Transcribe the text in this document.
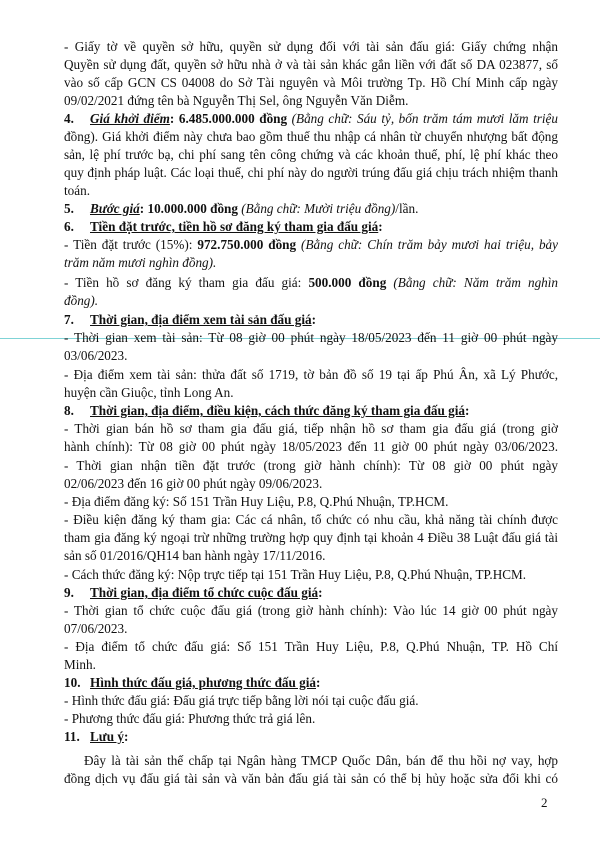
- Giấy tờ về quyền sở hữu, quyền sử dụng đối với tài sản đấu giá: Giấy chứng nhận
Quyền sử dụng đất, quyền sở hữu nhà ở và tài sản khác gắn liền với đất số DA 023877, số
vào số cấp GCN CS 04008 do Sở Tài nguyên và Môi trường Tp. Hồ Chí Minh cấp ngày
09/02/2021 đứng tên bà Nguyễn Thị Sel, ông Nguyễn Văn Diễm.
4. Giá khởi điểm: 6.485.000.000 đồng (Bằng chữ: Sáu tỷ, bốn trăm tám mươi lăm triệu
đồng). Giá khởi điểm này chưa bao gồm thuế thu nhập cá nhân từ chuyển nhượng bất động
sản, lệ phí trước bạ, chi phí sang tên công chứng và các khoản thuế, phí, lệ phí khác theo
quy định pháp luật. Các loại thuế, chi phí này do người trúng đấu giá chịu trách nhiệm thanh
toán.
5. Bước giá: 10.000.000 đồng (Bằng chữ: Mười triệu đồng)/lần.
6. Tiền đặt trước, tiền hồ sơ đăng ký tham gia đấu giá:
- Tiền đặt trước (15%): 972.750.000 đồng (Bằng chữ: Chín trăm bảy mươi hai triệu, bảy
trăm năm mươi nghìn đồng).
- Tiền hồ sơ đăng ký tham gia đấu giá: 500.000 đồng (Bằng chữ: Năm trăm nghìn
đồng).
7. Thời gian, địa điểm xem tài sản đấu giá:
- Thời gian xem tài sản: Từ 08 giờ 00 phút ngày 18/05/2023 đến 11 giờ 00 phút ngày
03/06/2023.
- Địa điểm xem tài sản: thửa đất số 1719, tờ bản đồ số 19 tại ấp Phú Ân, xã Lý Phước,
huyện cần Giuộc, tỉnh Long An.
8. Thời gian, địa điểm, điều kiện, cách thức đăng ký tham gia đấu giá:
- Thời gian bán hồ sơ tham gia đấu giá, tiếp nhận hồ sơ tham gia đấu giá (trong giờ
hành chính): Từ 08 giờ 00 phút ngày 18/05/2023 đến 11 giờ 00 phút ngày 03/06/2023.
- Thời gian nhận tiền đặt trước (trong giờ hành chính): Từ 08 giờ 00 phút ngày
02/06/2023 đến 16 giờ 00 phút ngày 09/06/2023.
- Địa điểm đăng ký: Số 151 Trần Huy Liệu, P.8, Q.Phú Nhuận, TP.HCM.
- Điều kiện đăng ký tham gia: Các cá nhân, tổ chức có nhu cầu, khả năng tài chính được
tham gia đăng ký ngoại trừ những trường hợp quy định tại khoản 4 Điều 38 Luật đấu giá tài
sản số 01/2016/QH14 ban hành ngày 17/11/2016.
- Cách thức đăng ký: Nộp trực tiếp tại 151 Trần Huy Liệu, P.8, Q.Phú Nhuận, TP.HCM.
9. Thời gian, địa điểm tổ chức cuộc đấu giá:
- Thời gian tổ chức cuộc đấu giá (trong giờ hành chính): Vào lúc 14 giờ 00 phút ngày
07/06/2023.
- Địa điểm tổ chức đấu giá: Số 151 Trần Huy Liệu, P.8, Q.Phú Nhuận, TP. Hồ Chí
Minh.
10. Hình thức đấu giá, phương thức đấu giá:
- Hình thức đấu giá: Đấu giá trực tiếp bằng lời nói tại cuộc đấu giá.
- Phương thức đấu giá: Phương thức trả giá lên.
11. Lưu ý:
Đây là tài sản thế chấp tại Ngân hàng TMCP Quốc Dân, bán để thu hồi nợ vay, hợp
đồng dịch vụ đấu giá tài sản và văn bản đấu giá tài sản có thể bị hủy hoặc sửa đổi khi có
2
